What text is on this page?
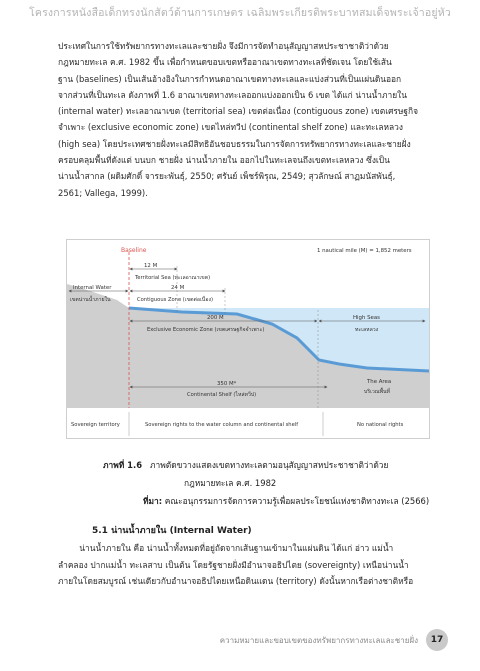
โครงการหนังสือเด็กทรงนักสัตว์ด้านการเกษตร เฉลิมพระเกียรติพระบาทสมเด็จพระเจ้าอยู่หัว
ประเทศในการใช้ทรัพยากรทางทะเลและชายฝั่ง จึงมีการจัดทำอนุสัญญาสหประชาชาติว่าด้วย
กฎหมายทะเล ค.ศ. 1982 ขึ้น เพื่อกำหนดขอบเขตหรืออาณาเขตทางทะเลที่ชัดเจน โดยใช้เส้น
ฐาน (baselines) เป็นเส้นอ้างอิงในการกำหนดอาณาเขตทางทะเลและแบ่งส่วนที่เป็นแผ่นดินออก
จากส่วนที่เป็นทะเล ดังภาพที่ 1.6 อาณาเขตทางทะเลออกแบ่งออกเป็น 6 เขต ได้แก่ น่านน้ำภายใน
(internal water) ทะเลอาณาเขต (territorial sea) เขตต่อเนื่อง (contiguous zone) เขตเศรษฐกิจ
จำเพาะ (exclusive economic zone) เขตไหล่ทวีป (continental shelf zone) และทะเลหลวง
(high sea) โดยประเทศชายฝั่งทะเลมีสิทธิอันชอบธรรมในการจัดการทรัพยากรทางทะเลและชายฝั่ง
ครอบคลุมพื้นที่ดังแต่ บนบก ชายฝั่ง น่านน้ำภายใน ออกไปในทะเลจนถึงเขตทะเลหลวง ซึ่งเป็น
น่านน้ำสากล (ผดิมศักดิ์ จารยะพันธุ์, 2550; ศรันย์ เพ็ชร์พิรุณ, 2549; สุวลักษณ์ สาฏมนัสพันธุ์,
2561; Vallega, 1999).
Baseline	1 nautical mile (M) = 1,852 meters
12 M
Territorial Sea (ทะเลอาณาเขต)
Internal Water	24 M
เขตน่านน้ำภายใน	Contiguous Zone (เขตต่อเนื่อง)
200 M
Exclusive Economic Zone (เขตเศรษฐกิจจำเพาะ)
High Seas
ทะเลหลวง
350 M*
Continental Shelf (ไหล่ทวีป)
The Area
บริเวณพื้นที่
Sovereign territory	Sovereign rights to the water column and continental shelf	No national rights
ภาพที่ 1.6 ภาพตัดขวางแสดงเขตทางทะเลตามอนุสัญญาสหประชาชาติว่าด้วย
กฎหมายทะเล ค.ศ. 1982
ที่มา: คณะอนุกรรมการจัดการความรู้เพื่อผลประโยชน์แห่งชาติทางทะเล (2566)
5.1 น่านน้ำภายใน (Internal Water)
น่านน้ำภายใน คือ น่านน้ำทั้งหมดที่อยู่ถัดจากเส้นฐานเข้ามาในแผ่นดิน ได้แก่ อ่าว แม่น้ำ
ลำคลอง ปากแม่น้ำ ทะเลสาบ เป็นต้น โดยรัฐชายฝั่งมีอำนาจอธิปไตย (sovereignty) เหนือน่านน้ำ
ภายในโดยสมบูรณ์ เช่นเดียวกับอำนาจอธิปไตยเหนือดินแดน (territory) ดังนั้นหากเรือต่างชาติหรือ
ความหมายและขอบเขตของทรัพยากรทางทะเลและชายฝั่ง	17
